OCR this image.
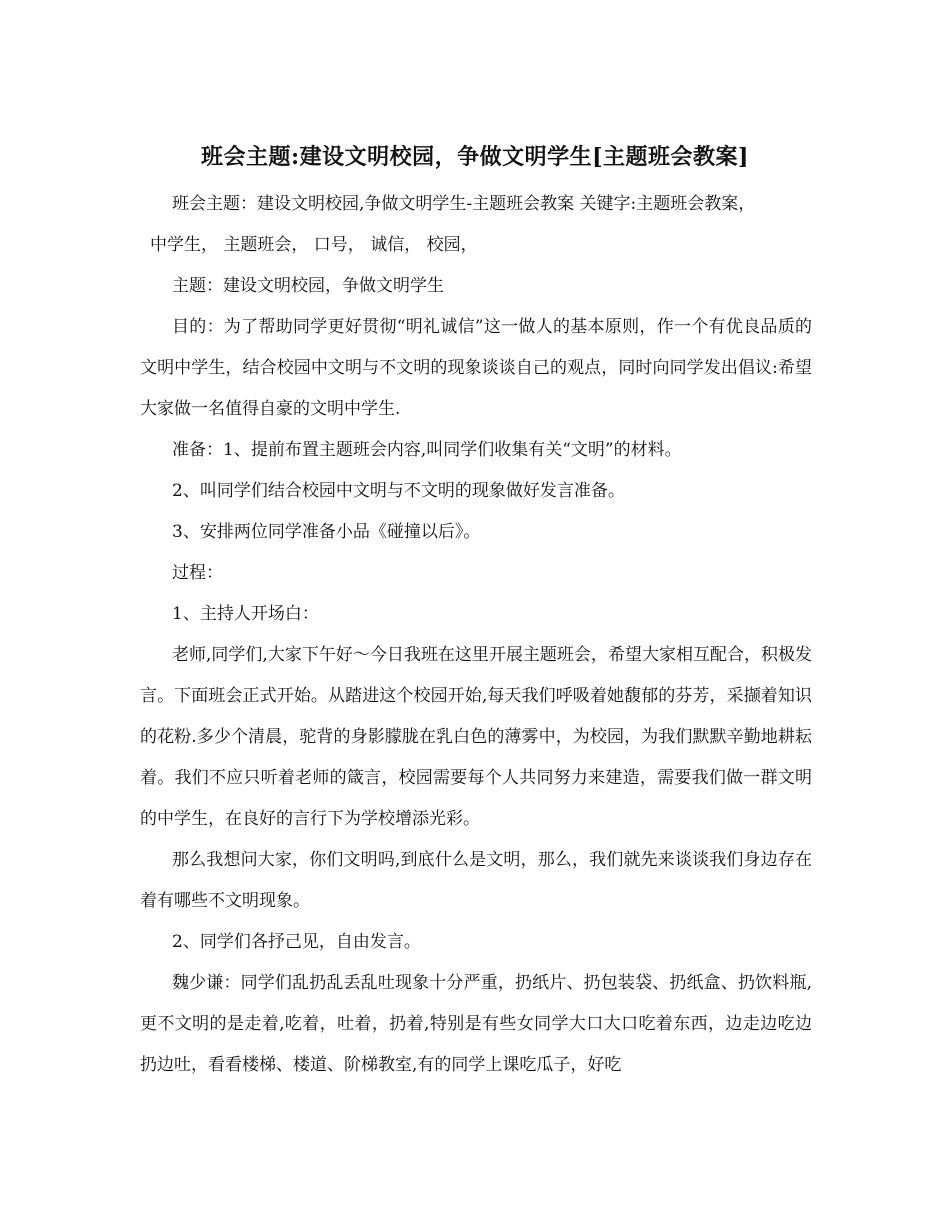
班会主题:建设文明校园，争做文明学生[主题班会教案]

班会主题：建设文明校园,争做文明学生-主题班会教案 关键字:主题班会教案，

中学生， 主题班会， 口号， 诚信， 校园，

主题：建设文明校园，争做文明学生

目的：为了帮助同学更好贯彻“明礼诚信”这一做人的基本原则，作一个有优良品质的文明中学生，结合校园中文明与不文明的现象谈谈自己的观点，同时向同学发出倡议:希望大家做一名值得自豪的文明中学生.

准备：1、提前布置主题班会内容,叫同学们收集有关“文明”的材料。

2、叫同学们结合校园中文明与不文明的现象做好发言准备。

3、安排两位同学准备小品《碰撞以后》。

过程：

1、主持人开场白：

老师,同学们,大家下午好～今日我班在这里开展主题班会，希望大家相互配合，积极发言。下面班会正式开始。从踏进这个校园开始,每天我们呼吸着她馥郁的芬芳，采撷着知识的花粉.多少个清晨，驼背的身影朦胧在乳白色的薄雾中，为校园，为我们默默辛勤地耕耘着。我们不应只听着老师的箴言，校园需要每个人共同努力来建造，需要我们做一群文明的中学生，在良好的言行下为学校增添光彩。

那么我想问大家，你们文明吗,到底什么是文明，那么，我们就先来谈谈我们身边存在着有哪些不文明现象。

2、同学们各抒己见，自由发言。

魏少谦：同学们乱扔乱丢乱吐现象十分严重，扔纸片、扔包装袋、扔纸盒、扔饮料瓶,更不文明的是走着,吃着，吐着，扔着,特别是有些女同学大口大口吃着东西，边走边吃边扔边吐，看看楼梯、楼道、阶梯教室,有的同学上课吃瓜子，好吃
